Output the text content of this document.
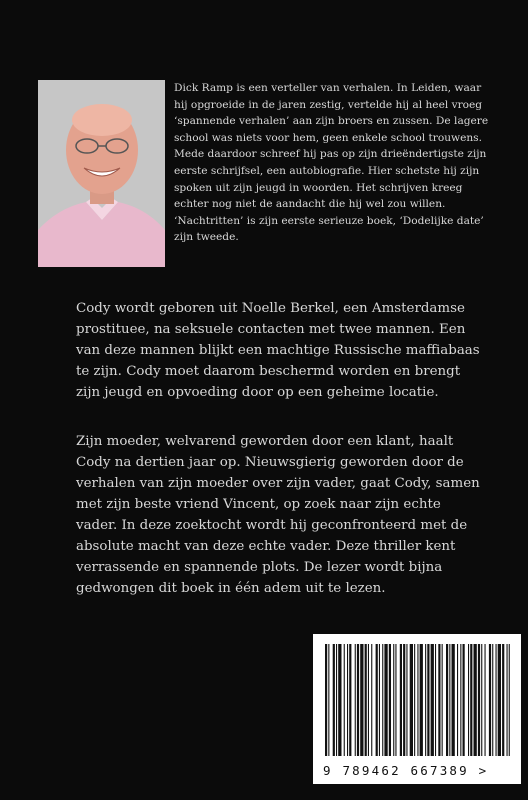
Dick Ramp is een verteller van verhalen. In Leiden, waar hij opgroeide in de jaren zestig, vertelde hij al heel vroeg ‘spannende verhalen’ aan zijn broers en zussen. De lagere school was niets voor hem, geen enkele school trouwens. Mede daardoor schreef hij pas op zijn drieëndertigste zijn eerste schrijfsel, een autobiografie. Hier schetste hij zijn spoken uit zijn jeugd in woorden. Het schrijven kreeg echter nog niet de aandacht die hij wel zou willen. ‘Nachtritten’ is zijn eerste serieuze boek, ‘Dodelijke date’ zijn tweede.

Cody wordt geboren uit Noelle Berkel, een Amsterdamse prostituee, na seksuele contacten met twee mannen. Een van deze mannen blijkt een machtige Russische maffiabaas te zijn. Cody moet daarom beschermd worden en brengt zijn jeugd en opvoeding door op een geheime locatie.

Zijn moeder, welvarend geworden door een klant, haalt Cody na dertien jaar op. Nieuwsgierig geworden door de verhalen van zijn moeder over zijn vader, gaat Cody, samen met zijn beste vriend Vincent, op zoek naar zijn echte vader. In deze zoektocht wordt hij geconfronteerd met de absolute macht van deze echte vader. Deze thriller kent verrassende en spannende plots. De lezer wordt bijna gedwongen dit boek in één adem uit te lezen.

9 789462 667389 >
